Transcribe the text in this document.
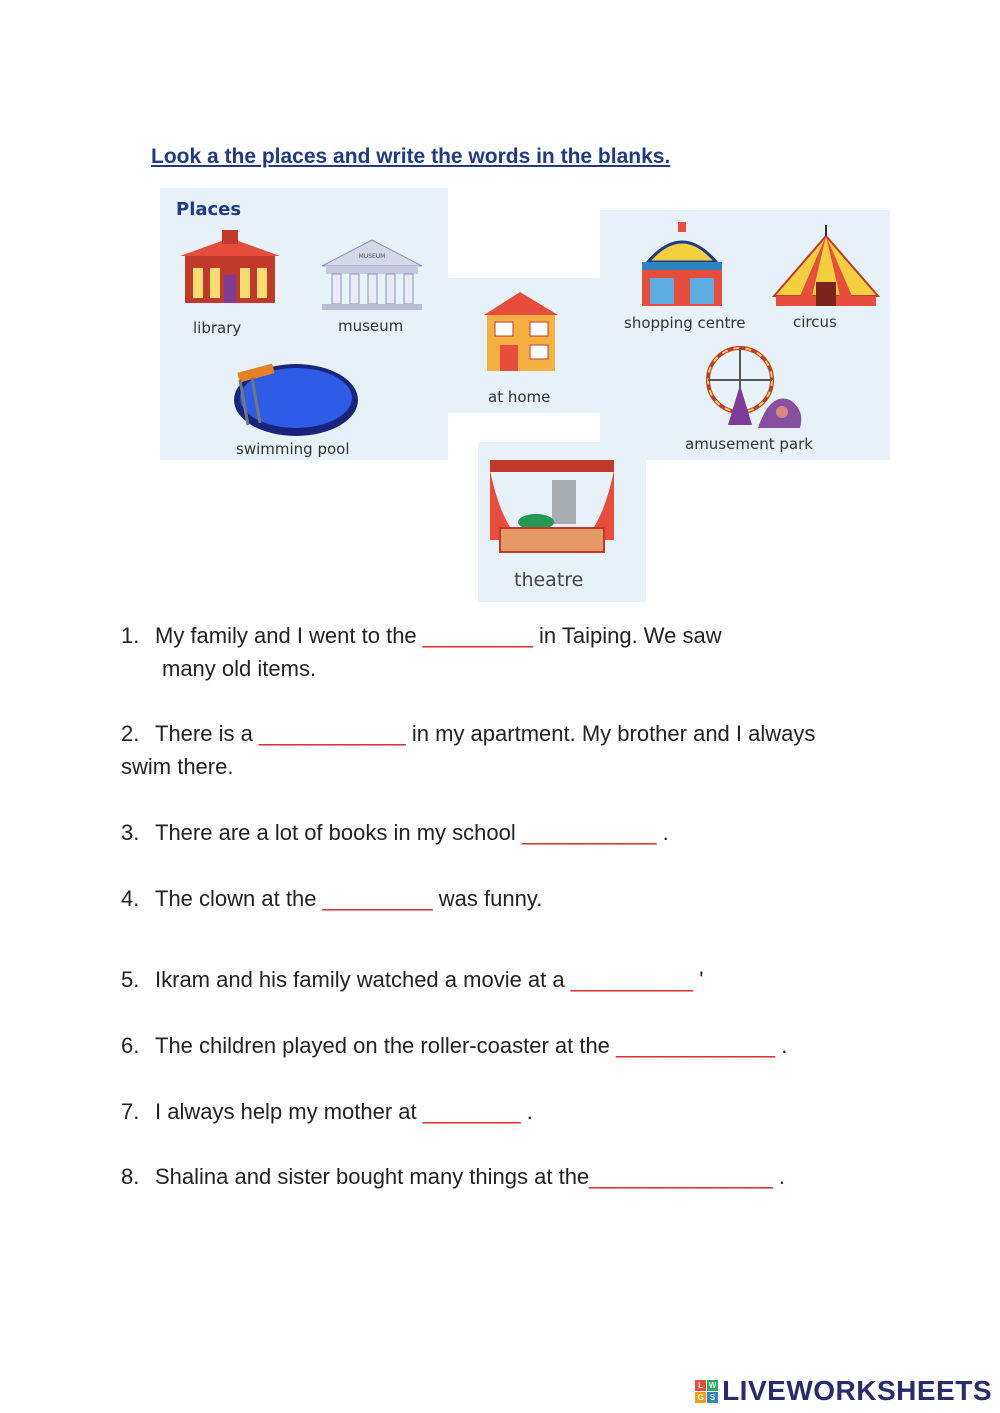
Look a the places and write the words in the blanks.
Places
library
MUSEUM
museum
at home
shopping centre	circus
swimming pool	amusement park
theatre
1. My family and I went to the _________ in Taiping. We saw
many old items.
2. There is a ____________ in my apartment. My brother and I always
swim there.
3. There are a lot of books in my school ___________ .
4. The clown at the _________ was funny.
5. Ikram and his family watched a movie at a __________ '
6. The children played on the roller-coaster at the _____________ .
7. I always help my mother at ________ .
8. Shalina and sister bought many things at the_______________ .
L W
G S LIVEWORKSHEETS
